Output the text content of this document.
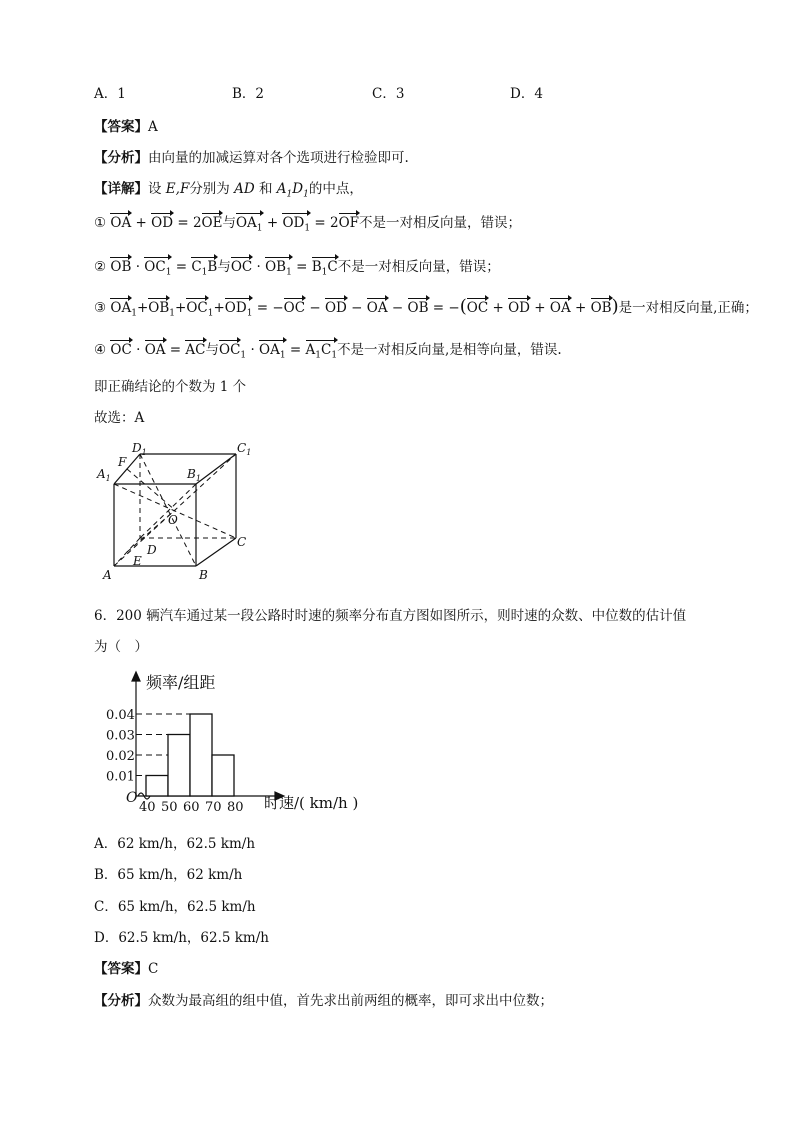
A．1	B．2	C．3	D．4
【答案】A
【分析】由向量的加减运算对各个选项进行检验即可.
【详解】设 E,F分别为 AD 和 $A_1D_1$的中点，
① OA + OD = 2OE与$OA_1 + OD_1 = 2OF$不是一对相反向量，错误；
② OB · $OC_1 = C_1B$与OC · $OB_1 = B_1C$不是一对相反向量，错误；
③ $OA_1+OB_1+OC_1+OD_1 = -OC$ − OD − OA − OB = −(OC + OD + OA + OB)是一对相反向量,正确；
④ OC · OA = AC与$OC_1 \cdot OA_1 = A_1C_1$不是一对相反向量,是相等向量，错误.
即正确结论的个数为 1 个
故选：A
$D_1$	$C_1$
$B_1$
$A_1$
F
O
D
C
E
A	B
6．200 辆汽车通过某一段公路时时速的频率分布直方图如图所示，则时速的众数、中位数的估计值
为（　）
0.04
0.03
0.02
0.01
40 50 60 70 80
频率/组距
时速/( km/h )
O
A．62 km/h，62.5 km/h
B．65 km/h，62 km/h
C．65 km/h，62.5 km/h
D．62.5 km/h，62.5 km/h
【答案】C
【分析】众数为最高组的组中值，首先求出前两组的概率，即可求出中位数；
